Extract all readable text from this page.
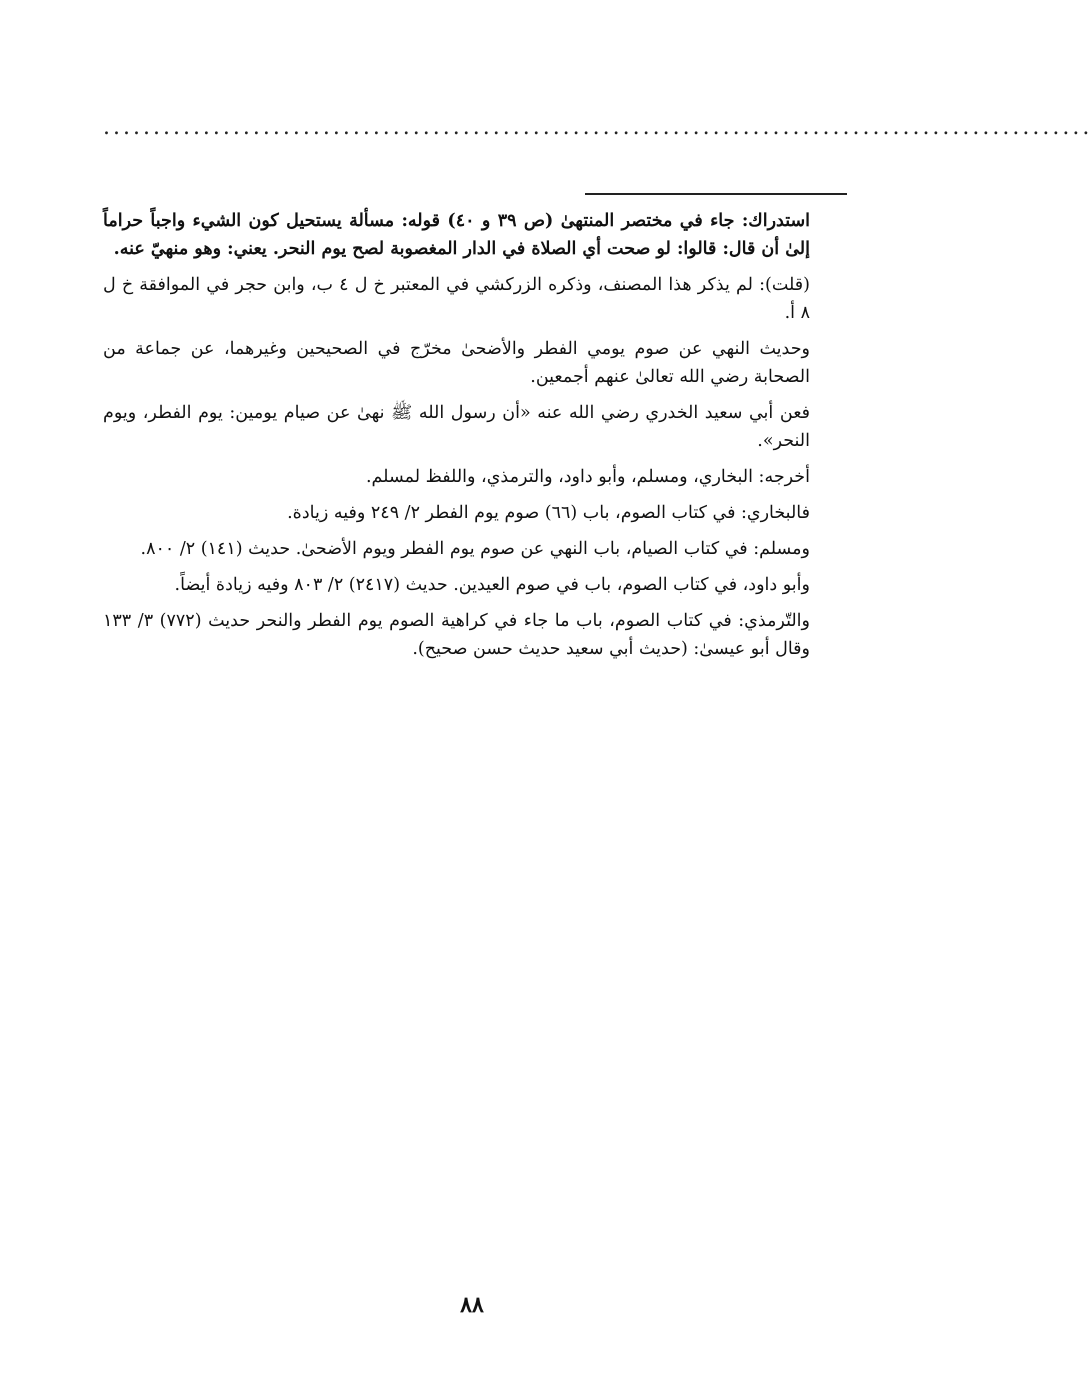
...................................................................................................

استدراك: جاء في مختصر المنتهىٰ (ص ٣٩ و ٤٠) قوله: مسألة يستحيل كون الشيء واجباً حراماً إلىٰ أن قال: قالوا: لو صحت أي الصلاة في الدار المغصوبة لصح يوم النحر. يعني: وهو منهيّ عنه.

(قلت): لم يذكر هذا المصنف، وذكره الزركشي في المعتبر خ ل ٤ ب، وابن حجر في الموافقة خ ل ٨ أ.

وحديث النهي عن صوم يومي الفطر والأضحىٰ مخرّج في الصحيحين وغيرهما، عن جماعة من الصحابة رضي الله تعالىٰ عنهم أجمعين.

فعن أبي سعيد الخدري رضي الله عنه «أن رسول الله ﷺ نهىٰ عن صيام يومين: يوم الفطر، ويوم النحر».

أخرجه: البخاري، ومسلم، وأبو داود، والترمذي، واللفظ لمسلم.

فالبخاري: في كتاب الصوم، باب (٦٦) صوم يوم الفطر ٢/ ٢٤٩ وفيه زيادة.

ومسلم: في كتاب الصيام، باب النهي عن صوم يوم الفطر ويوم الأضحىٰ. حديث (١٤١) ٢/ ٨٠٠.

وأبو داود، في كتاب الصوم، باب في صوم العيدين. حديث (٢٤١٧) ٢/ ٨٠٣ وفيه زيادة أيضاً.

والتّرمذي: في كتاب الصوم، باب ما جاء في كراهية الصوم يوم الفطر والنحر حديث (٧٧٢) ٣/ ١٣٣ وقال أبو عيسىٰ: (حديث أبي سعيد حديث حسن صحيح).

٨٨
